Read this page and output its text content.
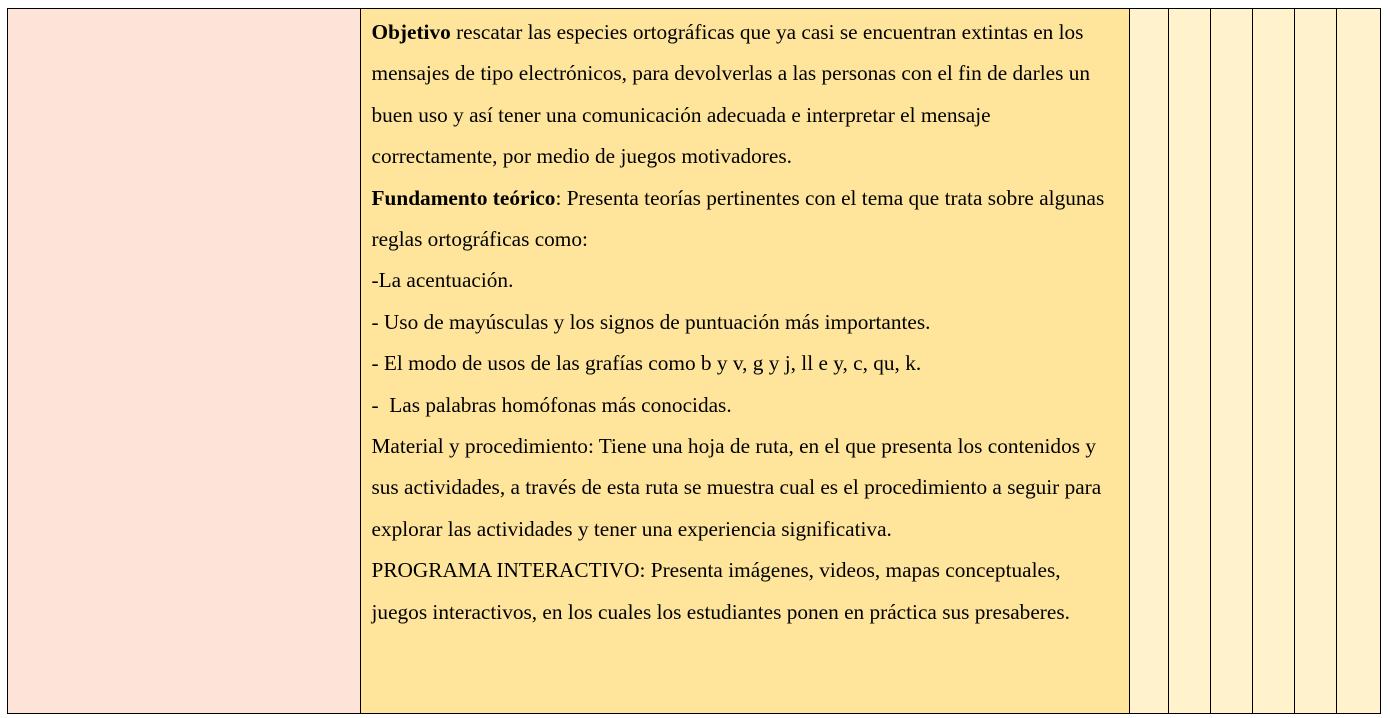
Objetivo rescatar las especies ortográficas que ya casi se encuentran extintas en los mensajes de tipo electrónicos, para devolverlas a las personas con el fin de darles un buen uso y así tener una comunicación adecuada e interpretar el mensaje correctamente, por medio de juegos motivadores.

Fundamento teórico: Presenta teorías pertinentes con el tema que trata sobre algunas reglas ortográficas como:

-La acentuación.

- Uso de mayúsculas y los signos de puntuación más importantes.

- El modo de usos de las grafías como b y v, g y j, ll e y, c, qu, k.

-  Las palabras homófonas más conocidas.

Material y procedimiento: Tiene una hoja de ruta, en el que presenta los contenidos y sus actividades, a través de esta ruta se muestra cual es el procedimiento a seguir para explorar las actividades y tener una experiencia significativa.

PROGRAMA INTERACTIVO: Presenta imágenes, videos, mapas conceptuales, juegos interactivos, en los cuales los estudiantes ponen en práctica sus presaberes.
